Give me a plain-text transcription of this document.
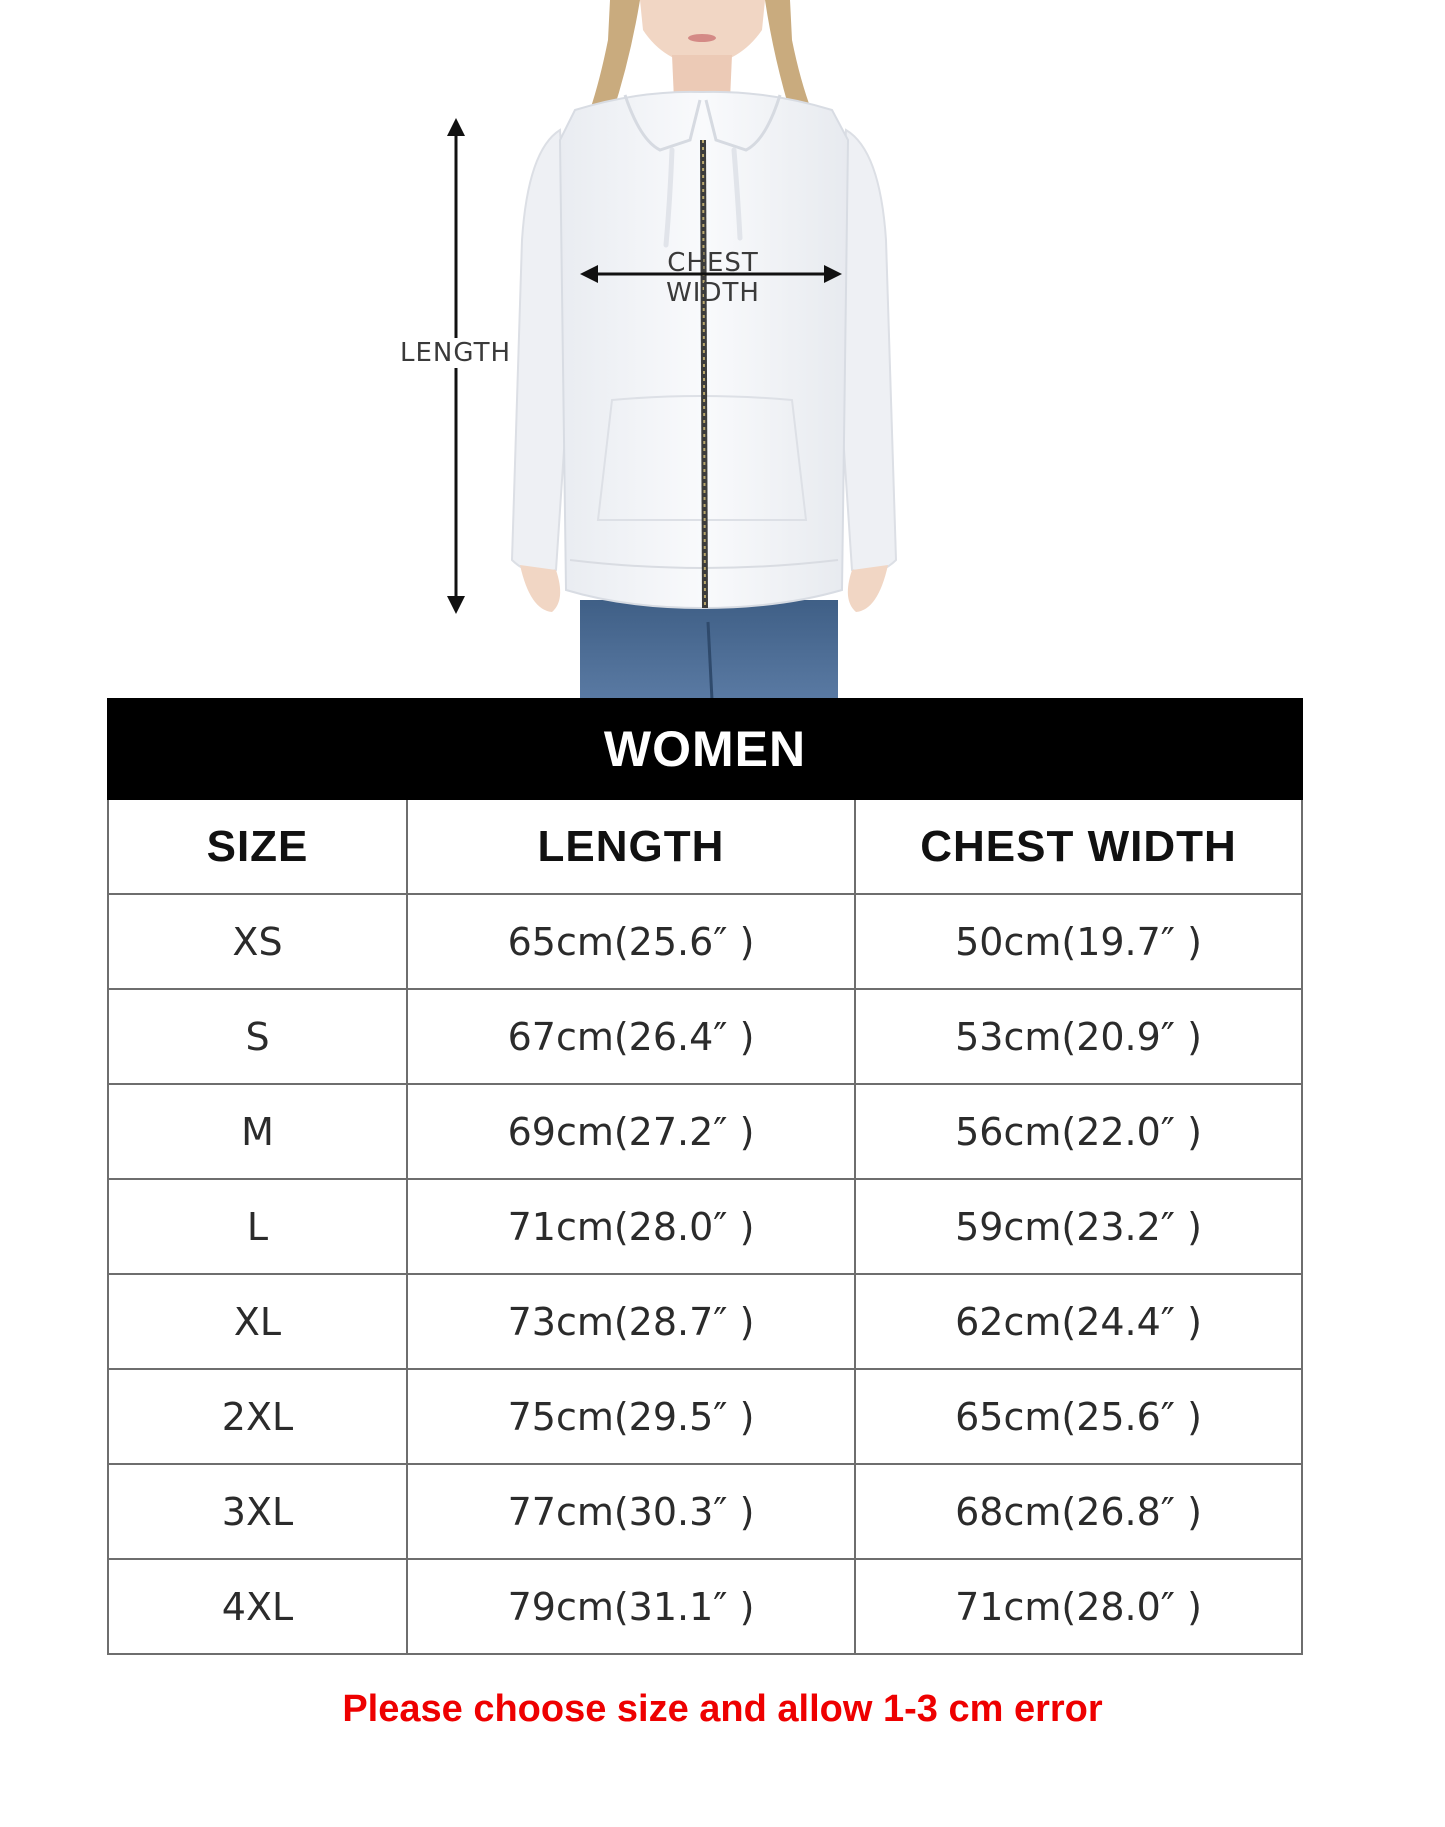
LENGTH
CHEST
WIDTH
WOMEN		
SIZE	LENGTH	CHEST WIDTH
XS	65cm(25.6″ )	50cm(19.7″ )
S	67cm(26.4″ )	53cm(20.9″ )
M	69cm(27.2″ )	56cm(22.0″ )
L	71cm(28.0″ )	59cm(23.2″ )
XL	73cm(28.7″ )	62cm(24.4″ )
2XL	75cm(29.5″ )	65cm(25.6″ )
3XL	77cm(30.3″ )	68cm(26.8″ )
4XL	79cm(31.1″ )	71cm(28.0″ )
Please choose size and allow 1-3 cm error
